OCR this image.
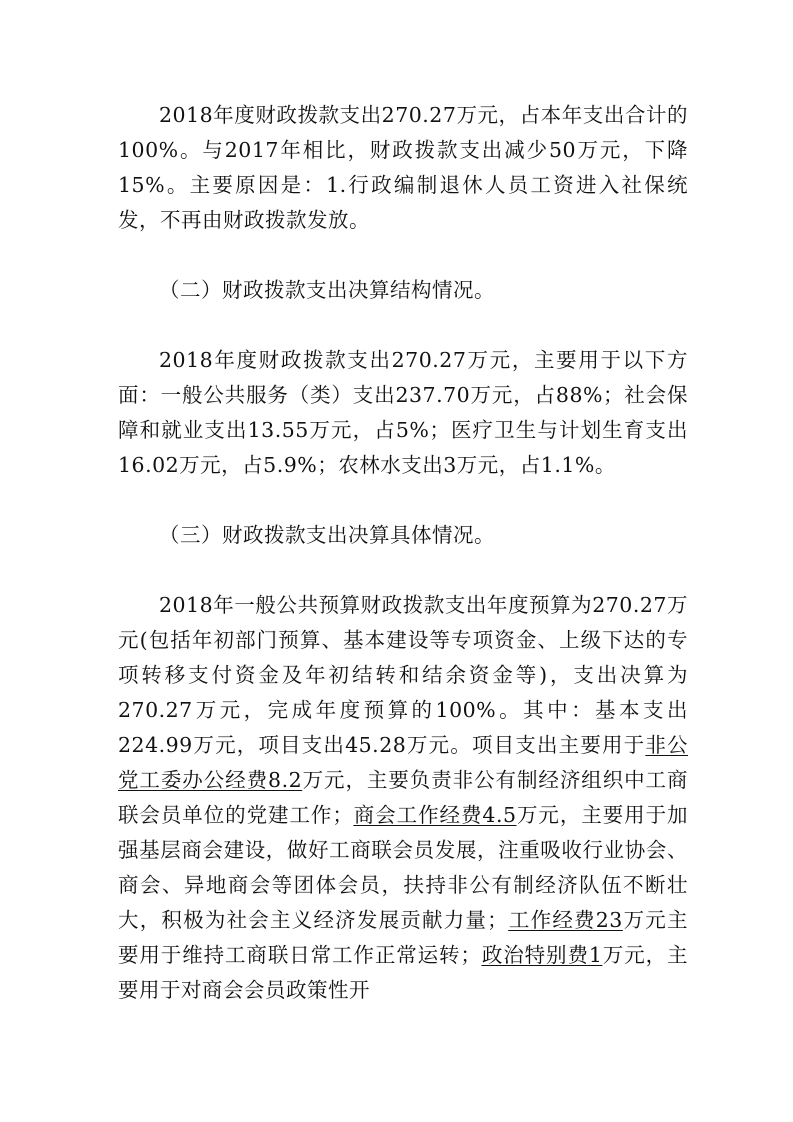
2018年度财政拨款支出270.27万元，占本年支出合计的100%。与2017年相比，财政拨款支出减少50万元，下降15%。主要原因是：1.行政编制退休人员工资进入社保统发，不再由财政拨款发放。

（二）财政拨款支出决算结构情况。

2018年度财政拨款支出270.27万元，主要用于以下方面：一般公共服务（类）支出237.70万元，占88%；社会保障和就业支出13.55万元，占5%；医疗卫生与计划生育支出16.02万元，占5.9%；农林水支出3万元，占1.1%。

（三）财政拨款支出决算具体情况。

2018年一般公共预算财政拨款支出年度预算为270.27万元(包括年初部门预算、基本建设等专项资金、上级下达的专项转移支付资金及年初结转和结余资金等)，支出决算为270.27万元，完成年度预算的100%。其中：基本支出224.99万元，项目支出45.28万元。项目支出主要用于非公党工委办公经费8.2万元，主要负责非公有制经济组织中工商联会员单位的党建工作；商会工作经费4.5万元，主要用于加强基层商会建设，做好工商联会员发展，注重吸收行业协会、商会、异地商会等团体会员，扶持非公有制经济队伍不断壮大，积极为社会主义经济发展贡献力量；工作经费23万元主要用于维持工商联日常工作正常运转；政治特别费1万元，主要用于对商会会员政策性开
